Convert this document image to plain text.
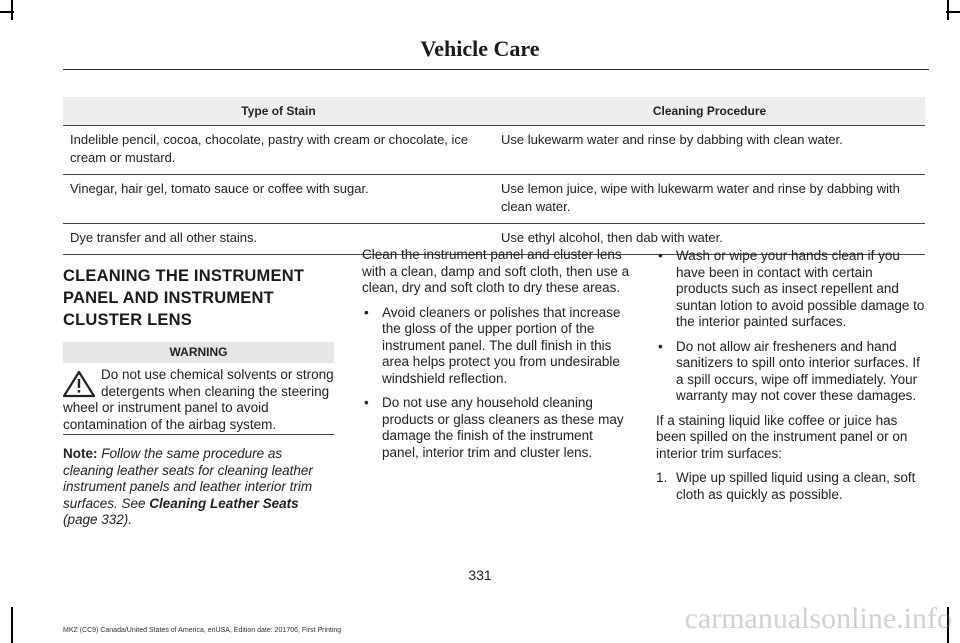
Vehicle Care
Type of Stain	Cleaning Procedure
Indelible pencil, cocoa, chocolate, pastry with cream or chocolate, ice cream or mustard.	Use lukewarm water and rinse by dabbing with clean water.
Vinegar, hair gel, tomato sauce or coffee with sugar.	Use lemon juice, wipe with lukewarm water and rinse by dabbing with clean water.
Dye transfer and all other stains.	Use ethyl alcohol, then dab with water.
CLEANING THE INSTRUMENT
PANEL AND INSTRUMENT
CLUSTER LENS
WARNING
Do not use chemical solvents or strong detergents when cleaning the steering wheel or instrument panel to avoid contamination of the airbag system.
Note: Follow the same procedure as cleaning leather seats for cleaning leather instrument panels and leather interior trim surfaces. See Cleaning Leather Seats (page 332).

Clean the instrument panel and cluster lens with a clean, damp and soft cloth, then use a clean, dry and soft cloth to dry these areas.

• Avoid cleaners or polishes that increase the gloss of the upper portion of the instrument panel. The dull finish in this area helps protect you from undesirable windshield reflection.
• Do not use any household cleaning products or glass cleaners as these may damage the finish of the instrument panel, interior trim and cluster lens.
• Wash or wipe your hands clean if you have been in contact with certain products such as insect repellent and suntan lotion to avoid possible damage to the interior painted surfaces.
• Do not allow air fresheners and hand sanitizers to spill onto interior surfaces. If a spill occurs, wipe off immediately. Your warranty may not cover these damages.

If a staining liquid like coffee or juice has been spilled on the instrument panel or on interior trim surfaces:

1. Wipe up spilled liquid using a clean, soft cloth as quickly as possible.
331
MKZ (CC9) Canada/United States of America, enUSA, Edition date: 201706, First Printing	carmanualsonline.info
